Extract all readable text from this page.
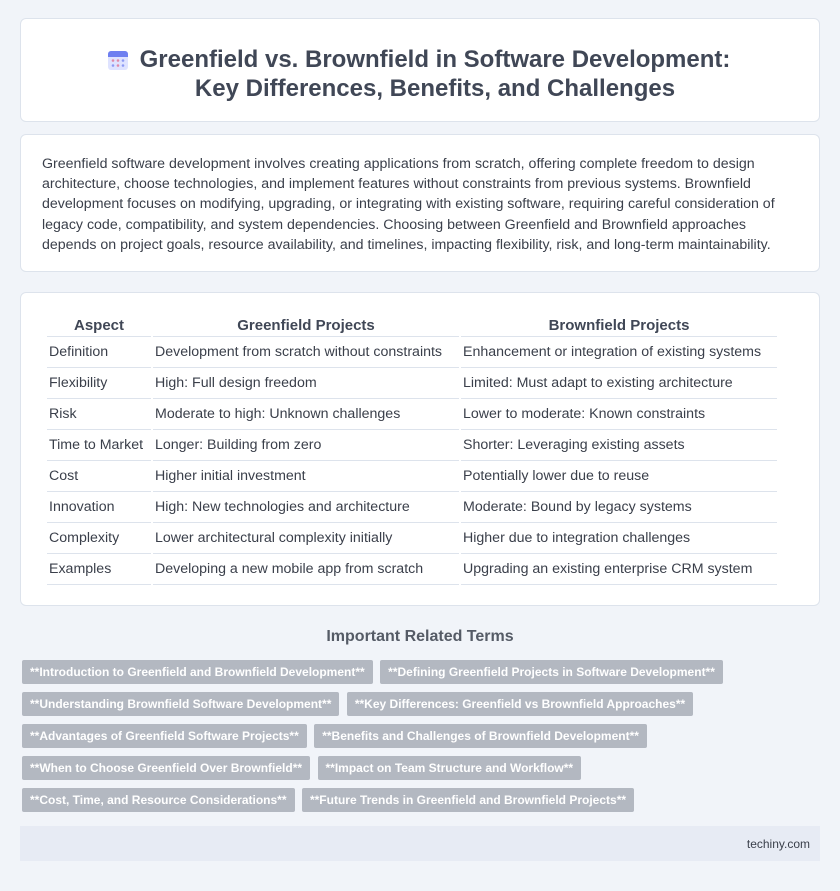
Greenfield vs. Brownfield in Software Development: Key Differences, Benefits, and Challenges

Greenfield software development involves creating applications from scratch, offering complete freedom to design architecture, choose technologies, and implement features without constraints from previous systems. Brownfield development focuses on modifying, upgrading, or integrating with existing software, requiring careful consideration of legacy code, compatibility, and system dependencies. Choosing between Greenfield and Brownfield approaches depends on project goals, resource availability, and timelines, impacting flexibility, risk, and long-term maintainability.

Aspect	Greenfield Projects	Brownfield Projects
Definition	Development from scratch without constraints	Enhancement or integration of existing systems
Flexibility	High: Full design freedom	Limited: Must adapt to existing architecture
Risk	Moderate to high: Unknown challenges	Lower to moderate: Known constraints
Time to Market	Longer: Building from zero	Shorter: Leveraging existing assets
Cost	Higher initial investment	Potentially lower due to reuse
Innovation	High: New technologies and architecture	Moderate: Bound by legacy systems
Complexity	Lower architectural complexity initially	Higher due to integration challenges
Examples	Developing a new mobile app from scratch	Upgrading an existing enterprise CRM system
Important Related Terms
**Introduction to Greenfield and Brownfield Development** **Defining Greenfield Projects in Software Development** **Understanding Brownfield Software Development** **Key Differences: Greenfield vs Brownfield Approaches** **Advantages of Greenfield Software Projects** **Benefits and Challenges of Brownfield Development** **When to Choose Greenfield Over Brownfield** **Impact on Team Structure and Workflow** **Cost, Time, and Resource Considerations** **Future Trends in Greenfield and Brownfield Projects**
techiny.com
